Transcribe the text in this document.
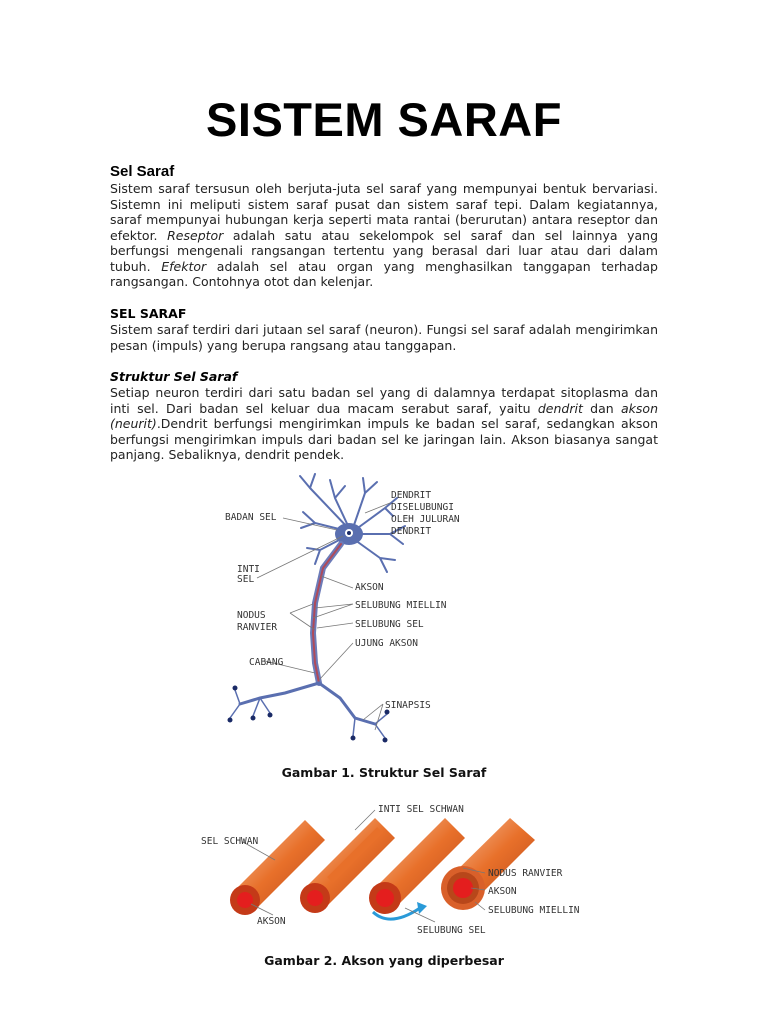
SISTEM SARAF
Sel Saraf

Sistem saraf tersusun oleh berjuta-juta sel saraf yang mempunyai bentuk bervariasi. Sistemn ini meliputi sistem saraf pusat dan sistem saraf tepi. Dalam kegiatannya, saraf mempunyai hubungan kerja seperti mata rantai (berurutan) antara reseptor dan efektor. Reseptor adalah satu atau sekelompok sel saraf dan sel lainnya yang berfungsi mengenali rangsangan tertentu yang berasal dari luar atau dari dalam tubuh. Efektor adalah sel atau organ yang menghasilkan tanggapan terhadap rangsangan. Contohnya otot dan kelenjar.

SEL SARAF

Sistem saraf terdiri dari jutaan sel saraf (neuron). Fungsi sel saraf adalah mengirimkan pesan (impuls) yang berupa rangsang atau tanggapan.

Struktur Sel Saraf

Setiap neuron terdiri dari satu badan sel yang di dalamnya terdapat sitoplasma dan inti sel. Dari badan sel keluar dua macam serabut saraf, yaitu dendrit dan akson (neurit).Dendrit berfungsi mengirimkan impuls ke badan sel saraf, sedangkan akson berfungsi mengirimkan impuls dari badan sel ke jaringan lain. Akson biasanya sangat panjang. Sebaliknya, dendrit pendek.

BADAN SEL
DENDRIT
DISELUBUNGI
OLEH JULURAN
DENDRIT
INTI
SEL
AKSON
SELUBUNG MIELLIN
NODUS
RANVIER	SELUBUNG SEL
UJUNG AKSON
CABANG
SINAPSIS
Gambar 1. Struktur Sel Saraf
INTI SEL SCHWAN
SEL SCHWAN
NODUS RANVIER
AKSON
SELUBUNG MIELLIN
AKSON
SELUBUNG SEL
Gambar 2. Akson yang diperbesar
